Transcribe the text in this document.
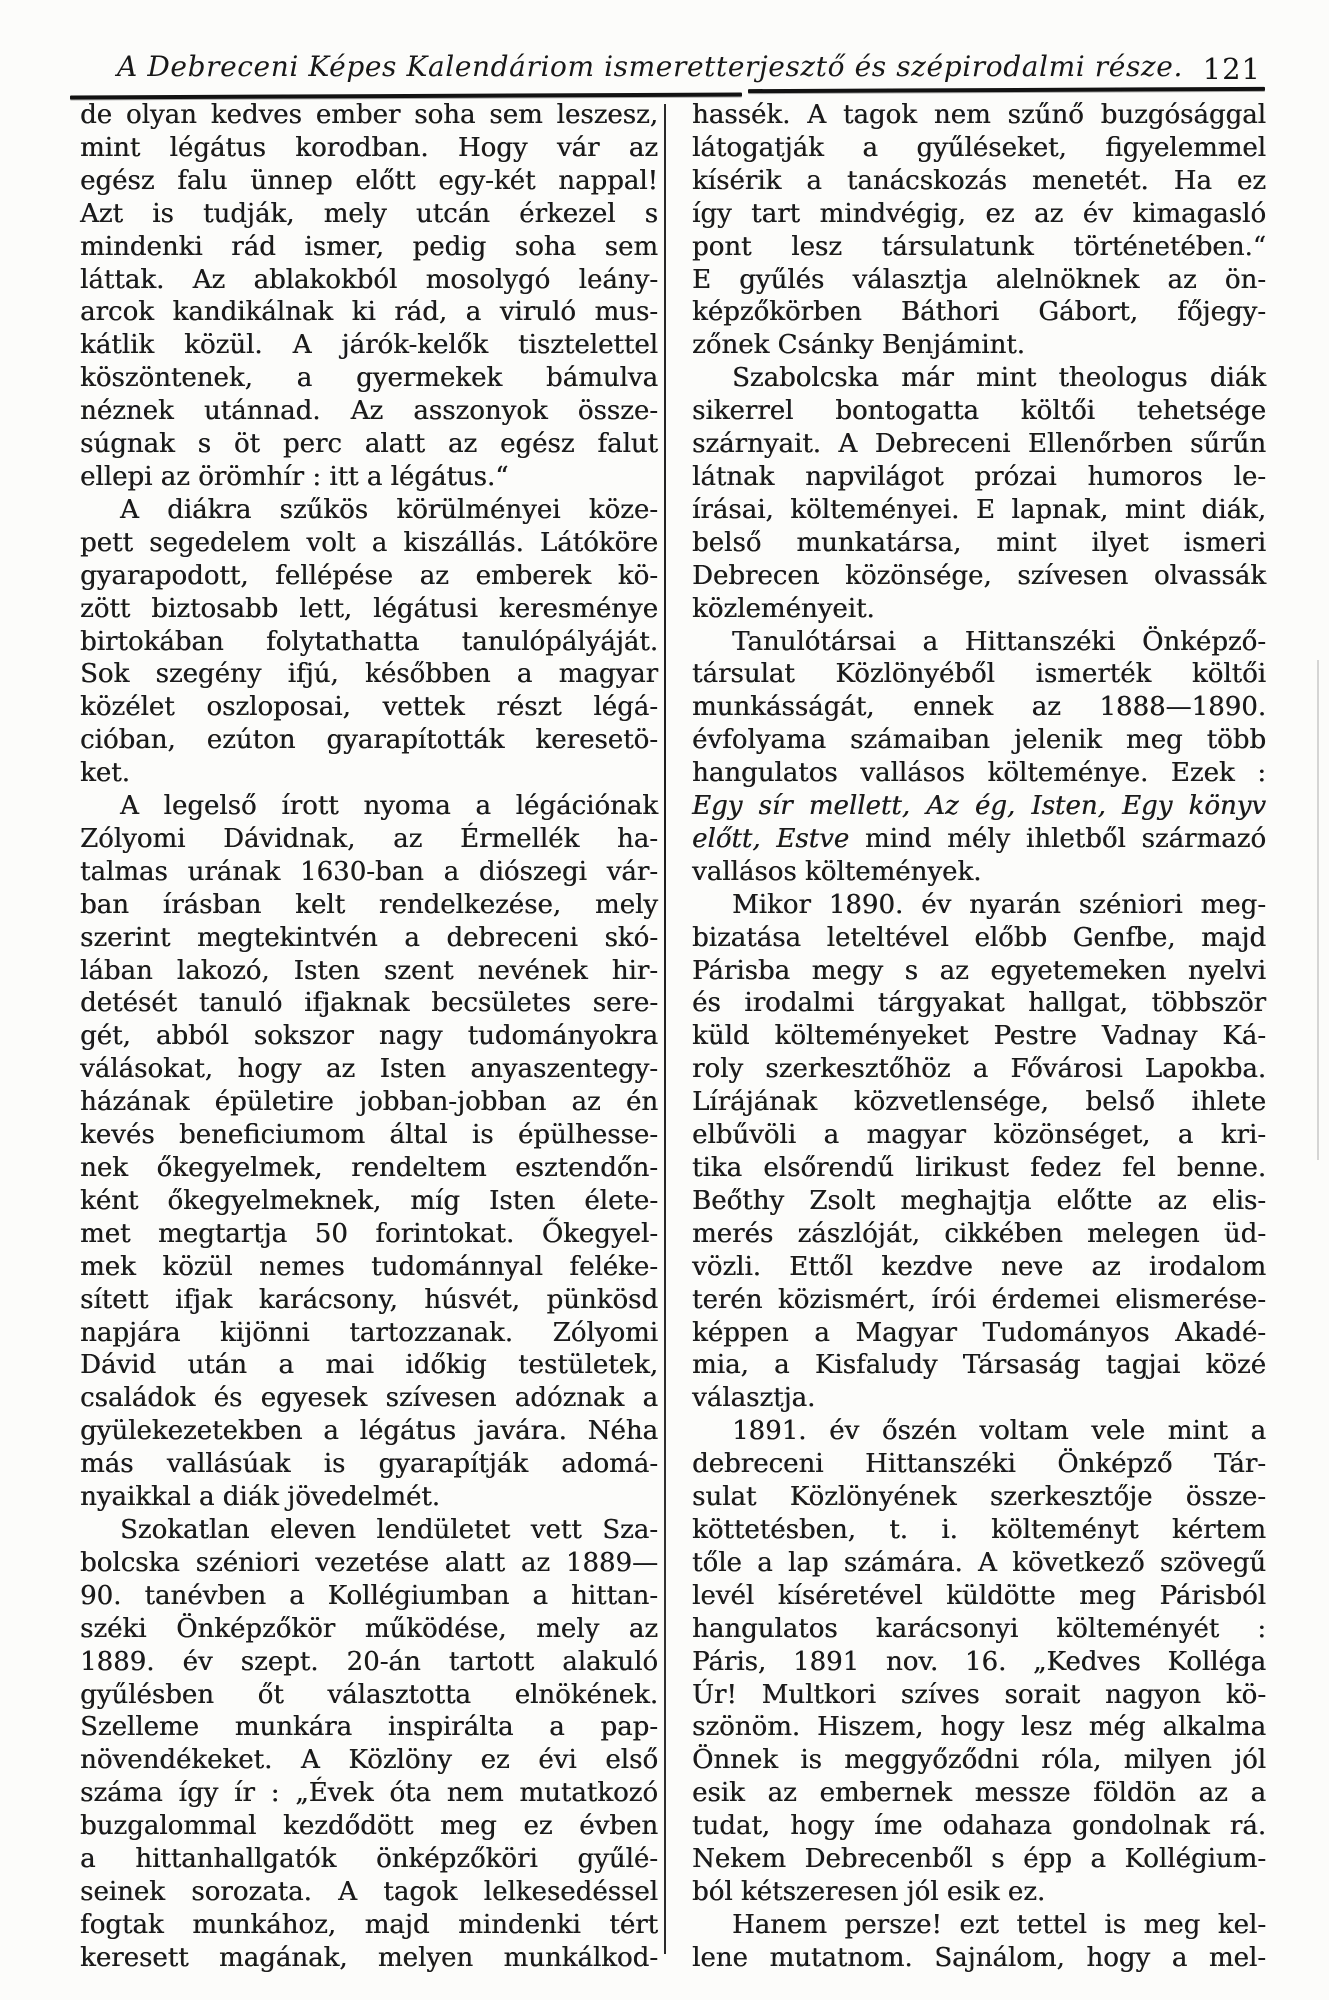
A Debreceni Képes Kalendáriom ismeretterjesztő és szépirodalmi része. 121
de olyan kedves ember soha sem leszesz,
mint légátus korodban. Hogy vár az
egész falu ünnep előtt egy-két nappal!
Azt is tudják, mely utcán érkezel s
mindenki rád ismer, pedig soha sem
láttak. Az ablakokból mosolygó leány-
arcok kandikálnak ki rád, a viruló mus-
kátlik közül. A járók-kelők tisztelettel
köszöntenek, a gyermekek bámulva
néznek utánnad. Az asszonyok össze-
súgnak s öt perc alatt az egész falut
ellepi az örömhír : itt a légátus.“
A diákra szűkös körülményei köze-
pett segedelem volt a kiszállás. Látóköre
gyarapodott, fellépése az emberek kö-
zött biztosabb lett, légátusi keresménye
birtokában folytathatta tanulópályáját.
Sok szegény ifjú, későbben a magyar
közélet oszloposai, vettek részt légá-
cióban, ezúton gyarapították keresetö-
ket.
A legelső írott nyoma a légációnak
Zólyomi Dávidnak, az Érmellék ha-
talmas urának 1630-ban a diószegi vár-
ban írásban kelt rendelkezése, mely
szerint megtekintvén a debreceni skó-
lában lakozó, Isten szent nevének hir-
detését tanuló ifjaknak becsületes sere-
gét, abból sokszor nagy tudományokra
válásokat, hogy az Isten anyaszentegy-
házának épületire jobban-jobban az én
kevés beneficiumom által is épülhesse-
nek őkegyelmek, rendeltem esztendőn-
ként őkegyelmeknek, míg Isten élete-
met megtartja 50 forintokat. Őkegyel-
mek közül nemes tudománnyal feléke-
sített ifjak karácsony, húsvét, pünkösd
napjára kijönni tartozzanak. Zólyomi
Dávid után a mai időkig testületek,
családok és egyesek szívesen adóznak a
gyülekezetekben a légátus javára. Néha
más vallásúak is gyarapítják adomá-
nyaikkal a diák jövedelmét.
Szokatlan eleven lendületet vett Sza-
bolcska széniori vezetése alatt az 1889—
90. tanévben a Kollégiumban a hittan-
széki Önképzőkör működése, mely az
1889. év szept. 20-án tartott alakuló
gyűlésben őt választotta elnökének.
Szelleme munkára inspirálta a pap-
növendékeket. A Közlöny ez évi első
száma így ír : „Évek óta nem mutatkozó
buzgalommal kezdődött meg ez évben
a hittanhallgatók önképzőköri gyűlé-
seinek sorozata. A tagok lelkesedéssel
fogtak munkához, majd mindenki tért
keresett magának, melyen munkálkod-
hassék. A tagok nem szűnő buzgósággal
látogatják a gyűléseket, figyelemmel
kísérik a tanácskozás menetét. Ha ez
így tart mindvégig, ez az év kimagasló
pont lesz társulatunk történetében.“
E gyűlés választja alelnöknek az ön-
képzőkörben Báthori Gábort, főjegy-
zőnek Csánky Benjámint.
Szabolcska már mint theologus diák
sikerrel bontogatta költői tehetsége
szárnyait. A Debreceni Ellenőrben sűrűn
látnak napvilágot prózai humoros le-
írásai, költeményei. E lapnak, mint diák,
belső munkatársa, mint ilyet ismeri
Debrecen közönsége, szívesen olvassák
közleményeit.
Tanulótársai a Hittanszéki Önképző-
társulat Közlönyéből ismerték költői
munkásságát, ennek az 1888—1890.
évfolyama számaiban jelenik meg több
hangulatos vallásos költeménye. Ezek :
Egy sír mellett, Az ég, Isten, Egy könyv
előtt, Estve mind mély ihletből származó
vallásos költemények.
Mikor 1890. év nyarán széniori meg-
bizatása leteltével előbb Genfbe, majd
Párisba megy s az egyetemeken nyelvi
és irodalmi tárgyakat hallgat, többször
küld költeményeket Pestre Vadnay Ká-
roly szerkesztőhöz a Fővárosi Lapokba.
Lírájának közvetlensége, belső ihlete
elbűvöli a magyar közönséget, a kri-
tika elsőrendű lirikust fedez fel benne.
Beőthy Zsolt meghajtja előtte az elis-
merés zászlóját, cikkében melegen üd-
vözli. Ettől kezdve neve az irodalom
terén közismért, írói érdemei elismerése-
képpen a Magyar Tudományos Akadé-
mia, a Kisfaludy Társaság tagjai közé
választja.
1891. év őszén voltam vele mint a
debreceni Hittanszéki Önképző Tár-
sulat Közlönyének szerkesztője össze-
köttetésben, t. i. költeményt kértem
tőle a lap számára. A következő szövegű
levél kíséretével küldötte meg Párisból
hangulatos karácsonyi költeményét :
Páris, 1891 nov. 16. „Kedves Kolléga
Úr! Multkori szíves sorait nagyon kö-
szönöm. Hiszem, hogy lesz még alkalma
Önnek is meggyőződni róla, milyen jól
esik az embernek messze földön az a
tudat, hogy íme odahaza gondolnak rá.
Nekem Debrecenből s épp a Kollégium-
ból kétszeresen jól esik ez.
Hanem persze! ezt tettel is meg kel-
lene mutatnom. Sajnálom, hogy a mel-
